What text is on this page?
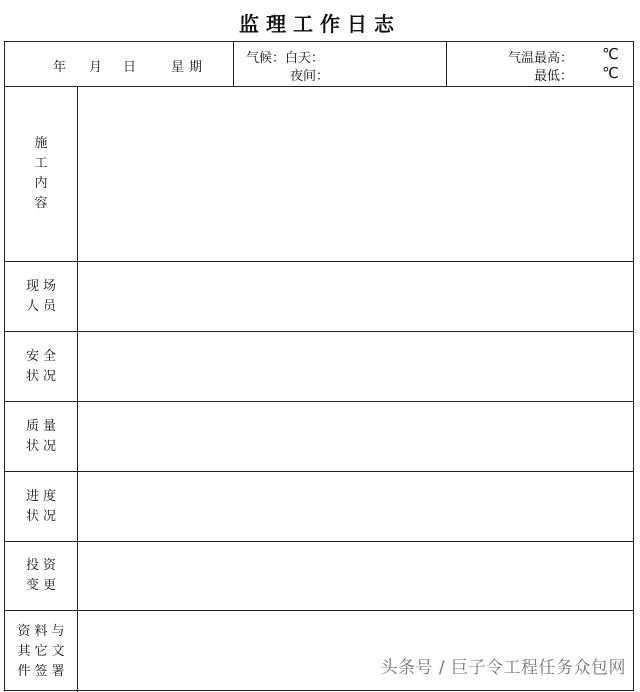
监理工作日志
年 月 日	星期
气候：白天：
夜间：
气温最高： ℃
最低： ℃
施
工
内
容
现场
人员
安全
状况
质量
状况
进度
状况
投资
变更
资料与
其它文
件签署	头条号 / 巨子令工程任务众包网
